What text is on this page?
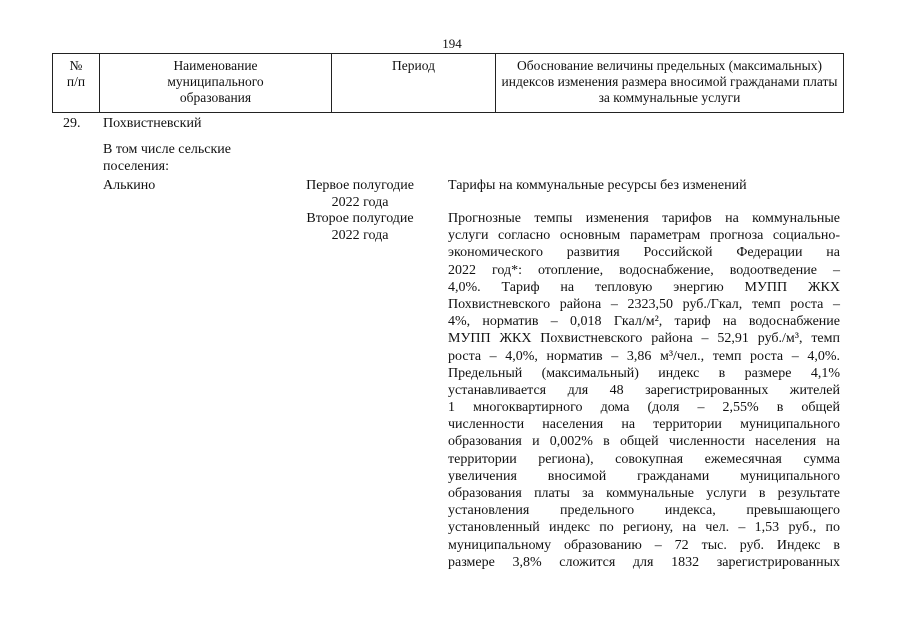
194
№
п/п
Наименование
муниципального
образования
Период	Обоснование величины предельных (максимальных)
индексов изменения размера вносимой гражданами платы
за коммунальные услуги
29. Похвистневский
В том числе сельские
поселения:
Алькино	Первое полугодие
2022 года
Тарифы на коммунальные ресурсы без изменений
Второе полугодие
2022 года
Прогнозные темпы изменения тарифов на коммунальные
услуги согласно основным параметрам прогноза социально-
экономического развития Российской Федерации на
2022 год*: отопление, водоснабжение, водоотведение –
4,0%. Тариф на тепловую энергию МУПП ЖКХ
Похвистневского района – 2323,50 руб./Гкал, темп роста –
4%, норматив – 0,018 Гкал/м², тариф на водоснабжение
МУПП ЖКХ Похвистневского района – 52,91 руб./м³, темп
роста – 4,0%, норматив – 3,86 м³/чел., темп роста – 4,0%.
Предельный (максимальный) индекс в размере 4,1%
устанавливается для 48 зарегистрированных жителей
1 многоквартирного дома (доля – 2,55% в общей
численности населения на территории муниципального
образования и 0,002% в общей численности населения на
территории региона), совокупная ежемесячная сумма
увеличения вносимой гражданами муниципального
образования платы за коммунальные услуги в результате
установления предельного индекса, превышающего
установленный индекс по региону, на чел. – 1,53 руб., по
муниципальному образованию – 72 тыс. руб. Индекс в
размере 3,8% сложится для 1832 зарегистрированных
